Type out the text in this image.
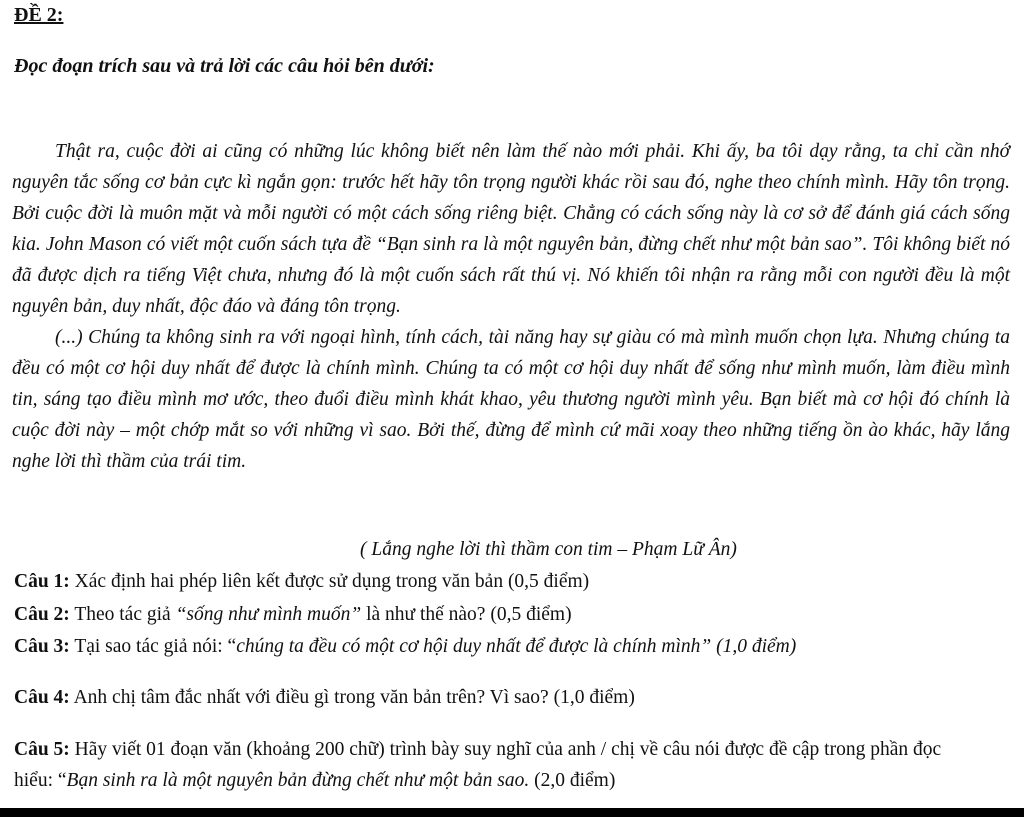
ĐỀ 2:
Đọc đoạn trích sau và trả lời các câu hỏi bên dưới:

Thật ra, cuộc đời ai cũng có những lúc không biết nên làm thế nào mới phải. Khi ấy, ba tôi dạy rằng, ta chỉ cần nhớ nguyên tắc sống cơ bản cực kì ngắn gọn: trước hết hãy tôn trọng người khác rồi sau đó, nghe theo chính mình. Hãy tôn trọng. Bởi cuộc đời là muôn mặt và mỗi người có một cách sống riêng biệt. Chẳng có cách sống này là cơ sở để đánh giá cách sống kia. John Mason có viết một cuốn sách tựa đề “Bạn sinh ra là một nguyên bản, đừng chết như một bản sao”. Tôi không biết nó đã được dịch ra tiếng Việt chưa, nhưng đó là một cuốn sách rất thú vị. Nó khiến tôi nhận ra rằng mỗi con người đều là một nguyên bản, duy nhất, độc đáo và đáng tôn trọng.

(...) Chúng ta không sinh ra với ngoại hình, tính cách, tài năng hay sự giàu có mà mình muốn chọn lựa. Nhưng chúng ta đều có một cơ hội duy nhất để được là chính mình. Chúng ta có một cơ hội duy nhất để sống như mình muốn, làm điều mình tin, sáng tạo điều mình mơ ước, theo đuổi điều mình khát khao, yêu thương người mình yêu. Bạn biết mà cơ hội đó chính là cuộc đời này – một chớp mắt so với những vì sao. Bởi thế, đừng để mình cứ mãi xoay theo những tiếng ồn ào khác, hãy lắng nghe lời thì thầm của trái tim.

( Lắng nghe lời thì thầm con tim – Phạm Lữ Ân)
Câu 1: Xác định hai phép liên kết được sử dụng trong văn bản (0,5 điểm)
Câu 2: Theo tác giả “sống như mình muốn” là như thế nào? (0,5 điểm)
Câu 3: Tại sao tác giả nói: “chúng ta đều có một cơ hội duy nhất để được là chính mình” (1,0 điểm)
Câu 4: Anh chị tâm đắc nhất với điều gì trong văn bản trên? Vì sao? (1,0 điểm)
Câu 5: Hãy viết 01 đoạn văn (khoảng 200 chữ) trình bày suy nghĩ của anh / chị về câu nói được đề cập trong phần đọc hiểu: “Bạn sinh ra là một nguyên bản đừng chết như một bản sao. (2,0 điểm)
